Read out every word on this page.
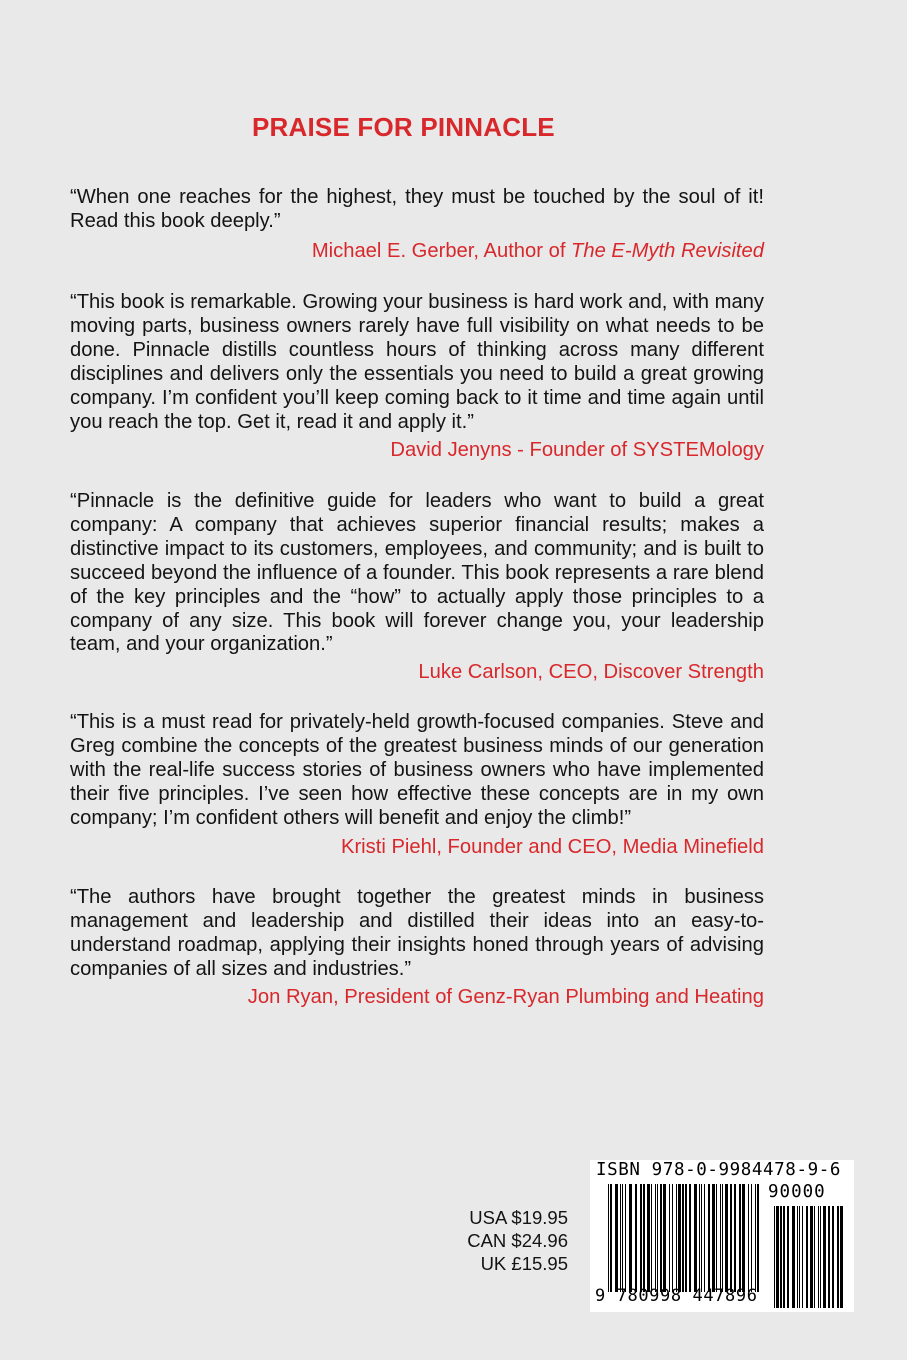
PRAISE FOR PINNACLE

“When one reaches for the highest, they must be touched by the soul of it! Read this book deeply.”

Michael E. Gerber, Author of The E-Myth Revisited

“This book is remarkable. Growing your business is hard work and, with many moving parts, business owners rarely have full visibility on what needs to be done. Pinnacle distills countless hours of thinking across many different disciplines and delivers only the essentials you need to build a great growing company. I’m confident you’ll keep coming back to it time and time again until you reach the top. Get it, read it and apply it.”

David Jenyns - Founder of SYSTEMology

“Pinnacle is the definitive guide for leaders who want to build a great company: A company that achieves superior financial results; makes a distinctive impact to its customers, employees, and community; and is built to succeed beyond the influence of a founder. This book represents a rare blend of the key principles and the “how” to actually apply those principles to a company of any size. This book will forever change you, your leadership team, and your organization.”

Luke Carlson, CEO, Discover Strength

“This is a must read for privately-held growth-focused companies. Steve and Greg combine the concepts of the greatest business minds of our generation with the real-life success stories of business owners who have implemented their five principles. I’ve seen how effective these concepts are in my own company; I’m confident others will benefit and enjoy the climb!”

Kristi Piehl, Founder and CEO, Media Minefield

“The authors have brought together the greatest minds in business management and leadership and distilled their ideas into an easy-to-understand roadmap, applying their insights honed through years of advising companies of all sizes and industries.”

Jon Ryan, President of Genz-Ryan Plumbing and Heating
USA $19.95
CAN $24.96
UK £15.95
ISBN 978-0-9984478-9-6
90000
9 780998 447896
